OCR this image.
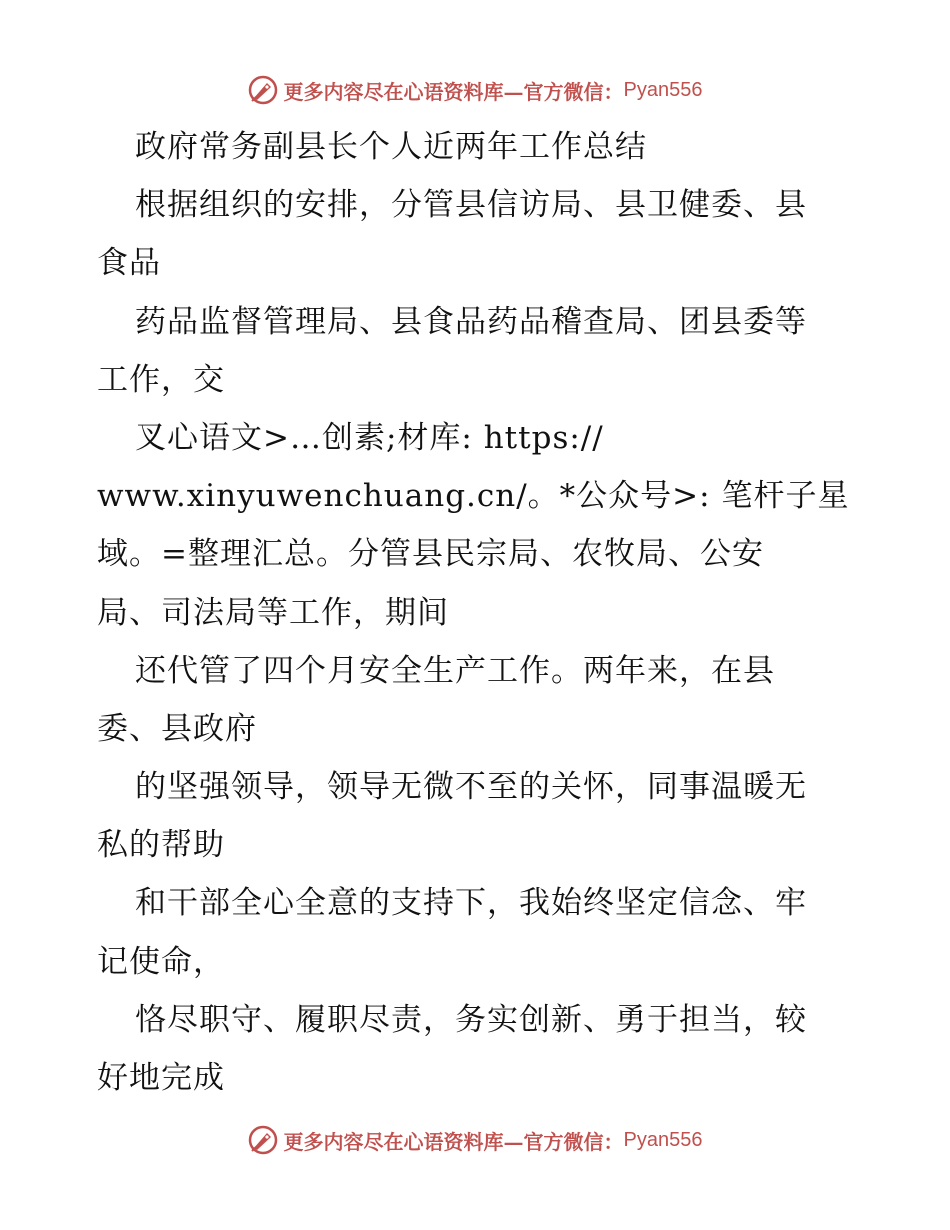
更多内容尽在心语资料库—官方微信： Pyan556
政府常务副县长个人近两年工作总结
根据组织的安排，分管县信访局、县卫健委、县
食品
药品监督管理局、县食品药品稽查局、团县委等
工作，交
叉心语文>…创素;材库: https://
www.xinyuwenchuang.cn/。*公众号>: 笔杆子星
域。=整理汇总。分管县民宗局、农牧局、公安
局、司法局等工作，期间
还代管了四个月安全生产工作。两年来，在县
委、县政府
的坚强领导，领导无微不至的关怀，同事温暖无
私的帮助
和干部全心全意的支持下，我始终坚定信念、牢
记使命，
恪尽职守、履职尽责，务实创新、勇于担当，较
好地完成
更多内容尽在心语资料库—官方微信： Pyan556
